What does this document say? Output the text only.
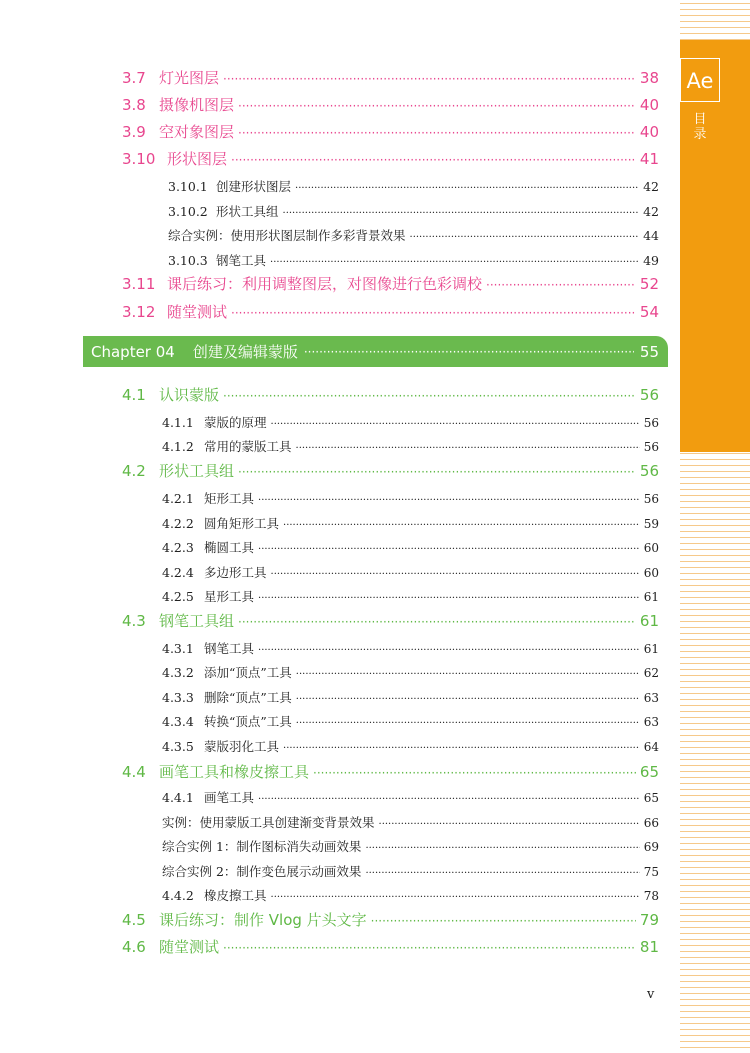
Ae
目录
3.7 灯光图层 ·····	38
3.8 摄像机图层 ·····	40
3.9 空对象图层 ·····	40
3.10 形状图层 ·····	41
3.10.1 创建形状图层 ·····	42
3.10.2 形状工具组 ·····	42
综合实例：使用形状图层制作多彩背景效果 ·····	44
3.10.3 钢笔工具 ·····	49
3.11 课后练习：利用调整图层，对图像进行色彩调校 ·····	52
3.12 随堂测试 ·····	54
Chapter 04 创建及编辑蒙版 ·····	55
4.1 认识蒙版 ·····	56
4.1.1 蒙版的原理 ·····	56
4.1.2 常用的蒙版工具 ·····	56
4.2 形状工具组 ·····	56
4.2.1 矩形工具 ·····	56
4.2.2 圆角矩形工具 ·····	59
4.2.3 椭圆工具 ·····	60
4.2.4 多边形工具 ·····	60
4.2.5 星形工具 ·····	61
4.3 钢笔工具组 ·····	61
4.3.1 钢笔工具 ·····	61
4.3.2 添加“顶点”工具 ·····	62
4.3.3 删除“顶点”工具 ·····	63
4.3.4 转换“顶点”工具 ·····	63
4.3.5 蒙版羽化工具 ·····	64
4.4 画笔工具和橡皮擦工具 ·····	65
4.4.1 画笔工具 ·····	65
实例：使用蒙版工具创建渐变背景效果 ·····	66
综合实例 1：制作图标消失动画效果 ·····	69
综合实例 2：制作变色展示动画效果 ·····	75
4.4.2 橡皮擦工具 ·····	78
4.5 课后练习：制作 Vlog 片头文字 ·····	79
4.6 随堂测试 ·····	81
v
